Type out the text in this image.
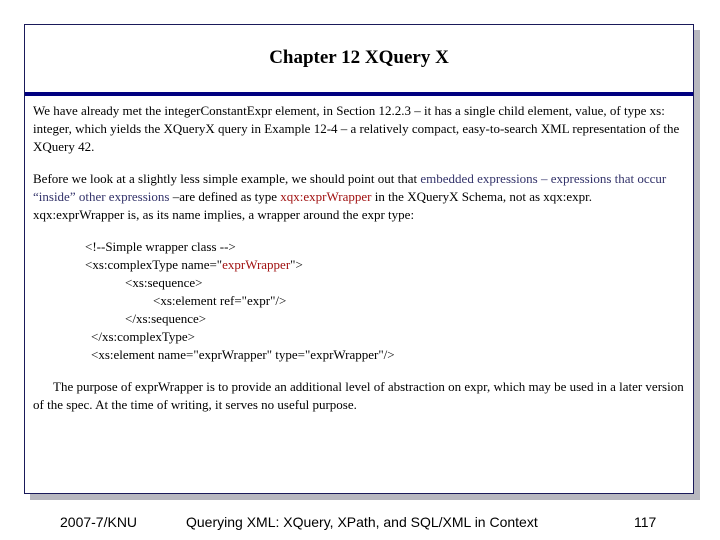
Chapter 12 XQuery X

We have already met the integerConstantExpr element, in Section 12.2.3 – it has a single child element, value, of type xs: integer, which yields the XQueryX query in Example 12-4 – a relatively compact, easy-to-search XML representation of the XQuery 42.

Before we look at a slightly less simple example, we should point out that embedded expressions – expressions that occur “inside” other expressions –are defined as type xqx:exprWrapper in the XQueryX Schema, not as xqx:expr. xqx:exprWrapper is, as its name implies, a wrapper around the expr type:

<!--Simple wrapper class -->
<xs:complexType name="exprWrapper">
<xs:sequence>
<xs:element ref="expr"/>
</xs:sequence>
</xs:complexType>
<xs:element name="exprWrapper" type="exprWrapper"/>

The purpose of exprWrapper is to provide an additional level of abstraction on expr, which may be used in a later version of the spec. At the time of writing, it serves no useful purpose.

2007-7/KNU	Querying XML: XQuery, XPath, and SQL/XML in Context	117
